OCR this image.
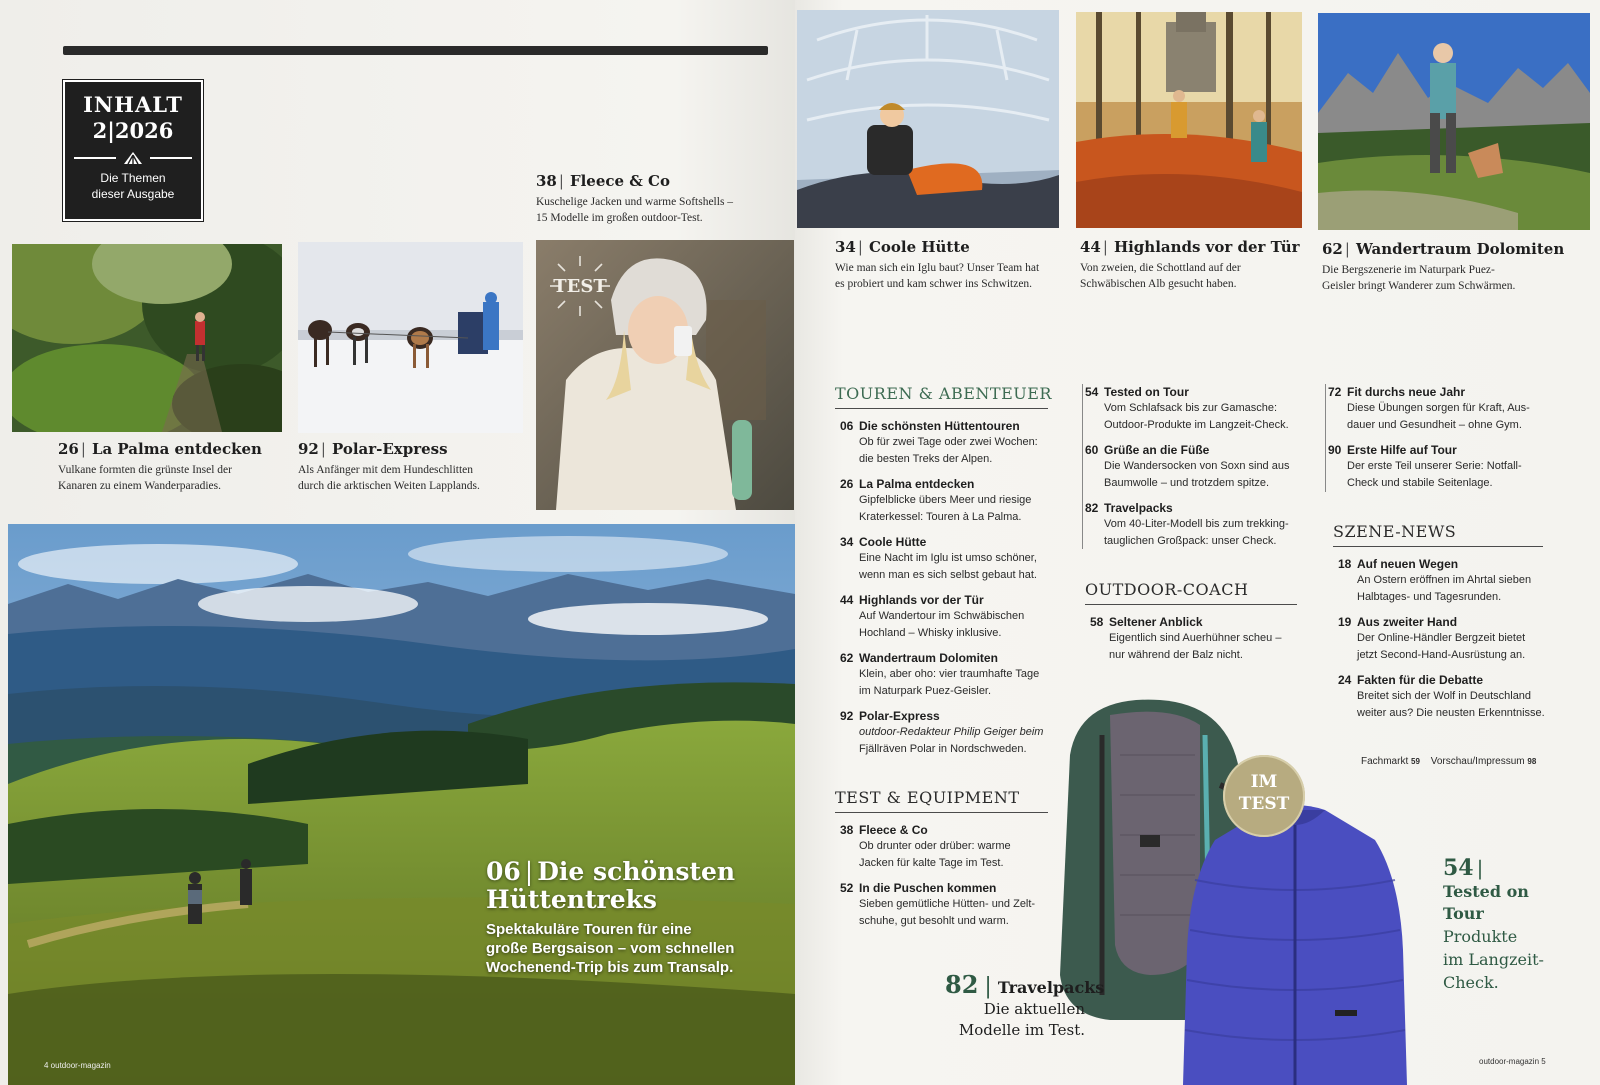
INHALT
2|2026
Die Themen
dieser Ausgabe
38 | Fleece & Co
Kuschelige Jacken und warme Softshells –
15 Modelle im großen outdoor-Test.
26 | La Palma entdecken
Vulkane formten die grünste Insel der
Kanaren zu einem Wanderparadies.
92 | Polar-Express
Als Anfänger mit dem Hundeschlitten
durch die arktischen Weiten Lapplands.
TEST
06 | Die schönsten
Hüttentreks
Spektakuläre Touren für eine
große Bergsaison – vom schnellen
Wochenend-Trip bis zum Transalp.
4 outdoor-magazin
34 | Coole Hütte
Wie man sich ein Iglu baut? Unser Team hat
es probiert und kam schwer ins Schwitzen.
44 | Highlands vor der Tür
Von zweien, die Schottland auf der
Schwäbischen Alb gesucht haben.
62 | Wandertraum Dolomiten
Die Bergszenerie im Naturpark Puez-
Geisler bringt Wanderer zum Schwärmen.
TOUREN & ABENTEUER
06 Die schönsten Hüttentouren
Ob für zwei Tage oder zwei Wochen:
die besten Treks der Alpen.
26 La Palma entdecken
Gipfelblicke übers Meer und riesige
Kraterkessel: Touren à La Palma.
34 Coole Hütte
Eine Nacht im Iglu ist umso schöner,
wenn man es sich selbst gebaut hat.
44 Highlands vor der Tür
Auf Wandertour im Schwäbischen
Hochland – Whisky inklusive.
62 Wandertraum Dolomiten
Klein, aber oho: vier traumhafte Tage
im Naturpark Puez-Geisler.
92 Polar-Express
outdoor-Redakteur Philip Geiger beim
Fjällräven Polar in Nordschweden.
TEST & EQUIPMENT
38 Fleece & Co
Ob drunter oder drüber: warme
Jacken für kalte Tage im Test.
52 In die Puschen kommen
Sieben gemütliche Hütten- und Zelt-
schuhe, gut besohlt und warm.
54 Tested on Tour
Vom Schlafsack bis zur Gamasche:
Outdoor-Produkte im Langzeit-Check.
60 Grüße an die Füße
Die Wandersocken von Soxn sind aus
Baumwolle – und trotzdem spitze.
82 Travelpacks
Vom 40-Liter-Modell bis zum trekking-
tauglichen Großpack: unser Check.
OUTDOOR-COACH
58 Seltener Anblick
Eigentlich sind Auerhühner scheu –
nur während der Balz nicht.
72 Fit durchs neue Jahr
Diese Übungen sorgen für Kraft, Aus-
dauer und Gesundheit – ohne Gym.
90 Erste Hilfe auf Tour
Der erste Teil unserer Serie: Notfall-
Check und stabile Seitenlage.
SZENE-NEWS
18 Auf neuen Wegen
An Ostern eröffnen im Ahrtal sieben
Halbtages- und Tagesrunden.
19 Aus zweiter Hand
Der Online-Händler Bergzeit bietet
jetzt Second-Hand-Ausrüstung an.
24 Fakten für die Debatte
Breitet sich der Wolf in Deutschland
weiter aus? Die neusten Erkenntnisse.
Fachmarkt 59 Vorschau/Impressum 98
IM
TEST
82 | Travelpacks
Die aktuellen
Modelle im Test.
54 |
Tested on
Tour
Produkte
im Langzeit-
Check.
outdoor-magazin 5
